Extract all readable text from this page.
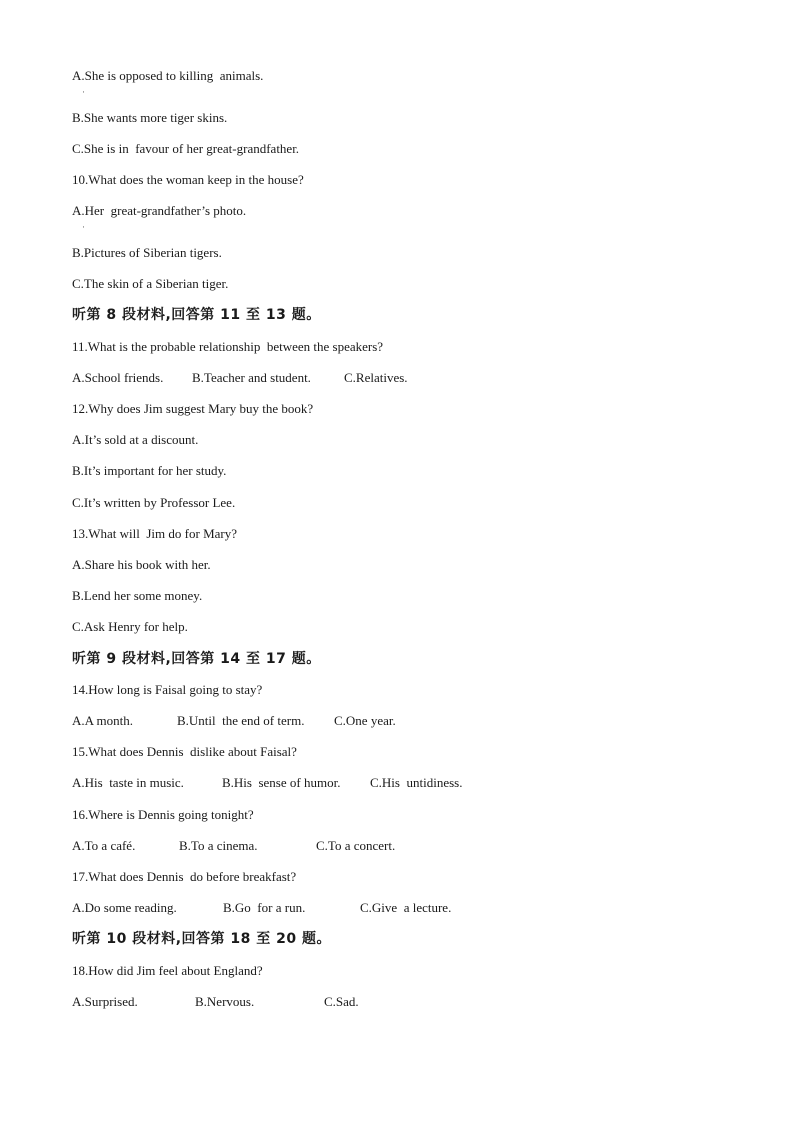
A.She is opposed to killing  animals.
·
B.She wants more tiger skins.
C.She is in  favour of her great-grandfather.
10.What does the woman keep in the house?
A.Her  great-grandfather’s photo.
·
B.Pictures of Siberian tigers.
C.The skin of a Siberian tiger.
听第 8 段材料,回答第 11 至 13 题。
11.What is the probable relationship  between the speakers?
A.School friends. B.Teacher and student.	C.Relatives.
12.Why does Jim suggest Mary buy the book?
A.It’s sold at a discount.
B.It’s important for her study.
C.It’s written by Professor Lee.
13.What will  Jim do for Mary?
A.Share his book with her.
B.Lend her some money.
C.Ask Henry for help.
听第 9 段材料,回答第 14 至 17 题。
14.How long is Faisal going to stay?
A.A month.	B.Until  the end of term. C.One year.
15.What does Dennis  dislike about Faisal?
A.His  taste in music.	B.His  sense of humor. C.His  untidiness.
16.Where is Dennis going tonight?
A.To a café.	B.To a cinema.	C.To a concert.
17.What does Dennis  do before breakfast?
A.Do some reading.	B.Go  for a run.	C.Give  a lecture.
听第 10 段材料,回答第 18 至 20 题。
18.How did Jim feel about England?
A.Surprised.	B.Nervous.	C.Sad.
